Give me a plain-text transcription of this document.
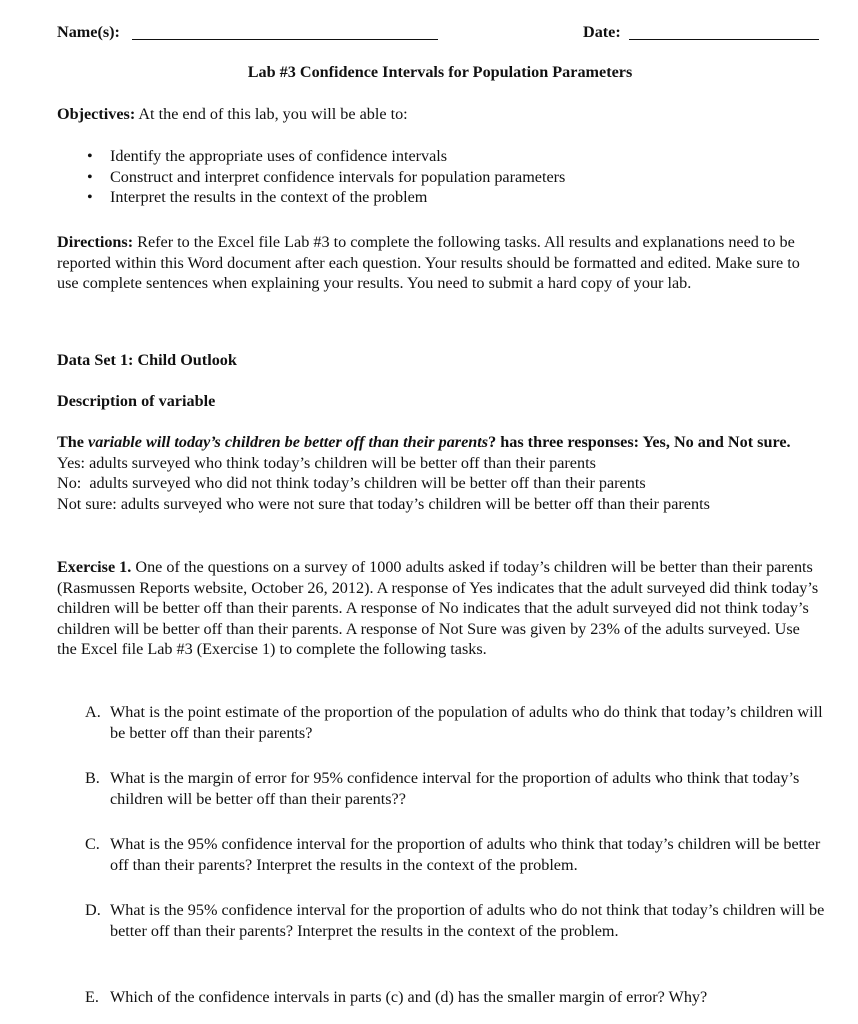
Name(s):	Date:
Lab #3 Confidence Intervals for Population Parameters
Objectives: At the end of this lab, you will be able to:
• Identify the appropriate uses of confidence intervals
• Construct and interpret confidence intervals for population parameters
• Interpret the results in the context of the problem

Directions: Refer to the Excel file Lab #3 to complete the following tasks. All results and explanations need to be reported within this Word document after each question. Your results should be formatted and edited. Make sure to use complete sentences when explaining your results. You need to submit a hard copy of your lab.

Data Set 1: Child Outlook
Description of variable

The variable will today’s children be better off than their parents? has three responses: Yes, No and Not sure.

Yes: adults surveyed who think today’s children will be better off than their parents

No:  adults surveyed who did not think today’s children will be better off than their parents

Not sure: adults surveyed who were not sure that today’s children will be better off than their parents

Exercise 1. One of the questions on a survey of 1000 adults asked if today’s children will be better than their parents (Rasmussen Reports website, October 26, 2012). A response of Yes indicates that the adult surveyed did think today’s children will be better off than their parents. A response of No indicates that the adult surveyed did not think today’s children will be better off than their parents. A response of Not Sure was given by 23% of the adults surveyed. Use the Excel file Lab #3 (Exercise 1) to complete the following tasks.

A. What is the point estimate of the proportion of the population of adults who do think that today’s children will be better off than their parents?
B. What is the margin of error for 95% confidence interval for the proportion of adults who think that today’s children will be better off than their parents??
C. What is the 95% confidence interval for the proportion of adults who think that today’s children will be better off than their parents? Interpret the results in the context of the problem.
D. What is the 95% confidence interval for the proportion of adults who do not think that today’s children will be better off than their parents? Interpret the results in the context of the problem.
E. Which of the confidence intervals in parts (c) and (d) has the smaller margin of error? Why?
